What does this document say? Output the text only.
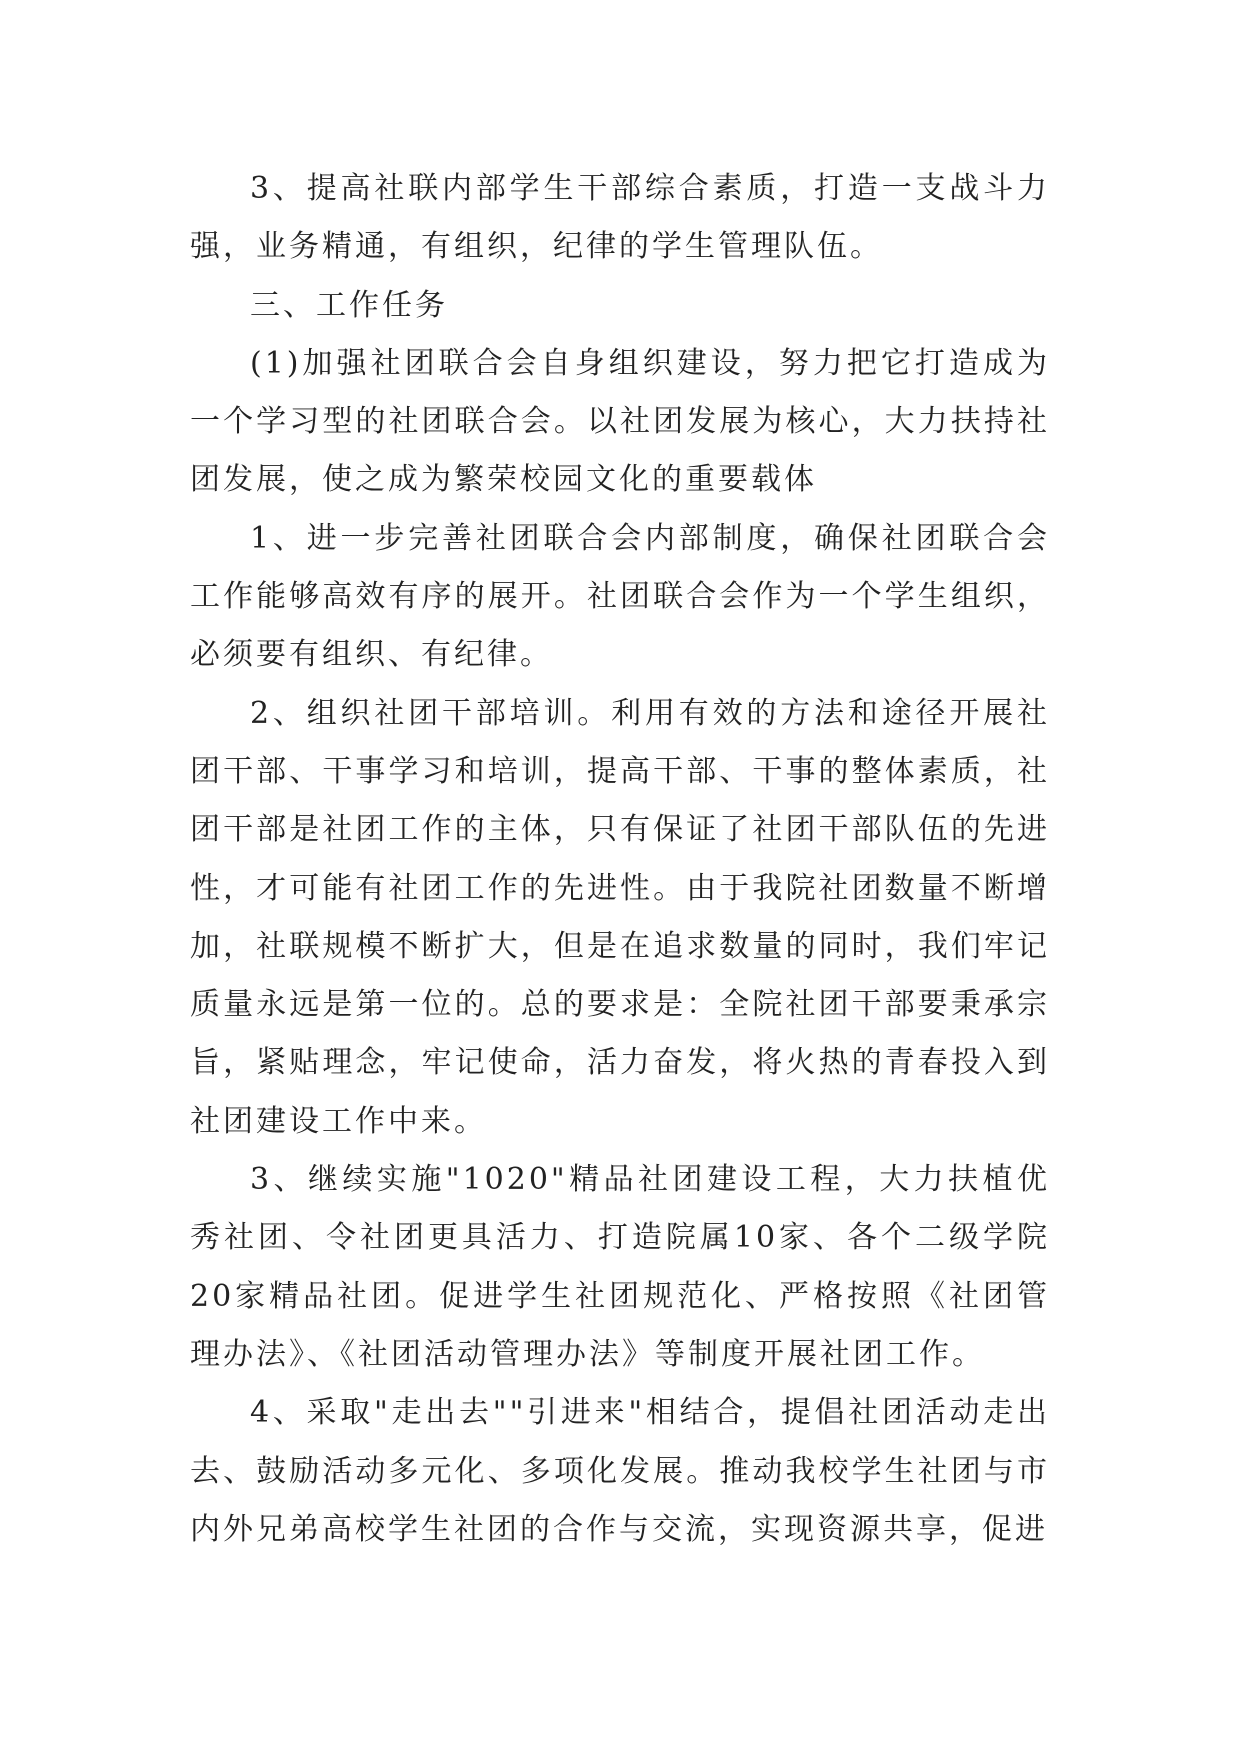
3、提高社联内部学生干部综合素质，打造一支战斗力强，业务精通，有组织，纪律的学生管理队伍。

三、工作任务

(1)加强社团联合会自身组织建设，努力把它打造成为一个学习型的社团联合会。以社团发展为核心，大力扶持社团发展，使之成为繁荣校园文化的重要载体

1、进一步完善社团联合会内部制度，确保社团联合会工作能够高效有序的展开。社团联合会作为一个学生组织，必须要有组织、有纪律。

2、组织社团干部培训。利用有效的方法和途径开展社团干部、干事学习和培训，提高干部、干事的整体素质，社团干部是社团工作的主体，只有保证了社团干部队伍的先进性，才可能有社团工作的先进性。由于我院社团数量不断增加，社联规模不断扩大，但是在追求数量的同时，我们牢记质量永远是第一位的。总的要求是：全院社团干部要秉承宗旨，紧贴理念，牢记使命，活力奋发，将火热的青春投入到社团建设工作中来。

3、继续实施"1020"精品社团建设工程，大力扶植优秀社团、令社团更具活力、打造院属10家、各个二级学院20家精品社团。促进学生社团规范化、严格按照《社团管理办法》、《社团活动管理办法》等制度开展社团工作。

4、采取"走出去""引进来"相结合，提倡社团活动走出去、鼓励活动多元化、多项化发展。推动我校学生社团与市内外兄弟高校学生社团的合作与交流，实现资源共享，促进
